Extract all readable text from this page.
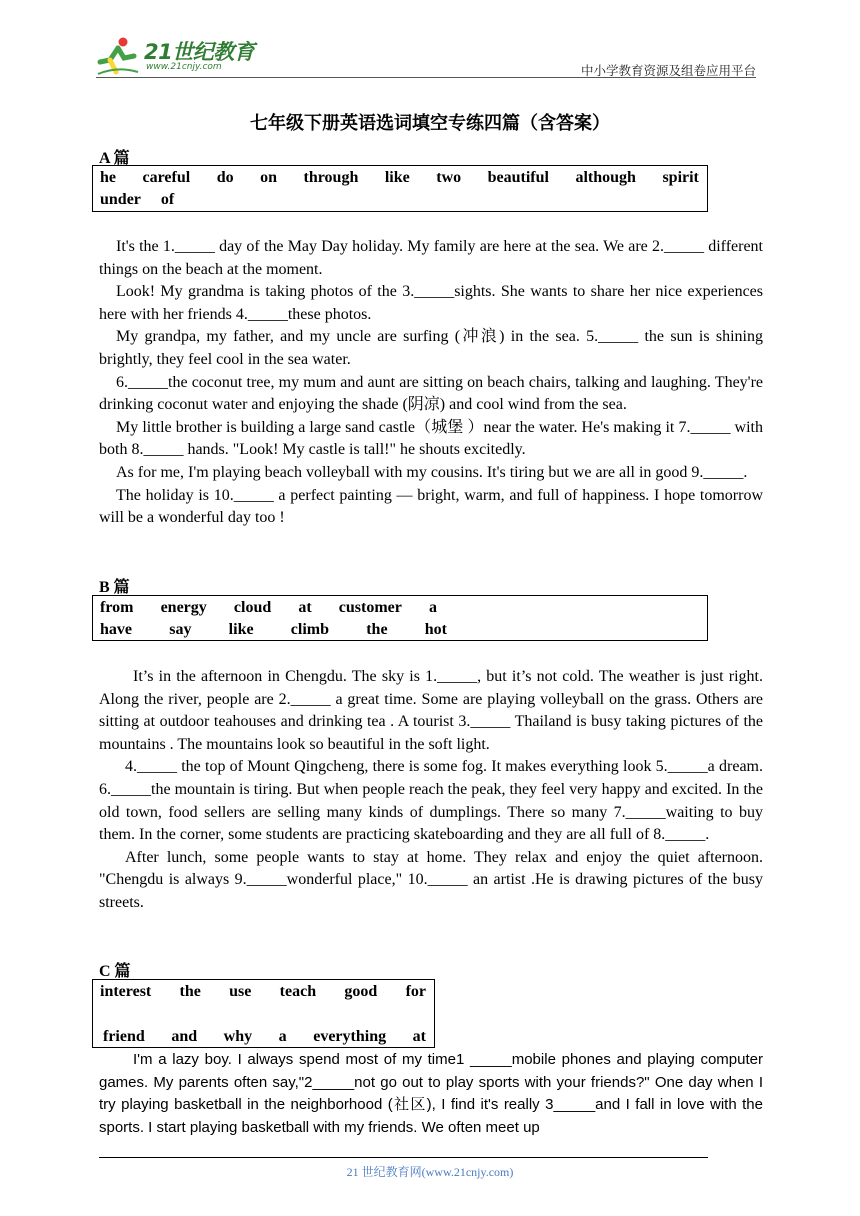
21世纪教育
www.21cnjy.com	中小学教育资源及组卷应用平台
七年级下册英语选词填空专练四篇（含答案）
A 篇
he careful do on through like two beautiful although spirit
under of

It's the 1._____ day of the May Day holiday. My family are here at the sea. We are 2._____ different things on the beach at the moment.

Look! My grandma is taking photos of the 3._____sights. She wants to share her nice experiences here with her friends 4._____these photos.

My grandpa, my father, and my uncle are surfing (冲浪) in the sea. 5._____ the sun is shining brightly, they feel cool in the sea water.

6._____the coconut tree, my mum and aunt are sitting on beach chairs, talking and laughing. They're drinking coconut water and enjoying the shade (阴凉) and cool wind from the sea.

My little brother is building a large sand castle（城堡 ）near the water. He's making it 7._____ with both 8._____ hands. "Look! My castle is tall!" he shouts excitedly.

As for me, I'm playing beach volleyball with my cousins. It's tiring but we are all in good 9._____.

The holiday is 10._____ a perfect painting — bright, warm, and full of happiness. I hope tomorrow will be a wonderful day too !

B 篇
from energy cloud at customer a
have say like climb the hot

It’s in the afternoon in Chengdu. The sky is 1._____, but it’s not cold. The weather is just right. Along the river, people are 2._____ a great time. Some are playing volleyball on the grass. Others are sitting at outdoor teahouses and drinking tea . A tourist 3._____ Thailand is busy taking pictures of the mountains . The mountains look so beautiful in the soft light.

4._____ the top of Mount Qingcheng, there is some fog. It makes everything look 5._____a dream. 6._____the mountain is tiring. But when people reach the peak, they feel very happy and excited. In the old town, food sellers are selling many kinds of dumplings. There so many 7._____waiting to buy them. In the corner, some students are practicing skateboarding and they are all full of 8._____.

After lunch, some people wants to stay at home. They relax and enjoy the quiet afternoon. "Chengdu is always 9._____wonderful place," 10._____ an artist .He is drawing pictures of the busy streets.

C 篇
interest the use teach good for
friend and why a everything at

I'm a lazy boy. I always spend most of my time1 _____mobile phones and playing computer games. My parents often say,"2_____not go out to play sports with your friends?" One day when I try playing basketball in the neighborhood (社区), I find it's really 3_____and I fall in love with the sports. I start playing basketball with my friends. We often meet up

21 世纪教育网(www.21cnjy.com)
